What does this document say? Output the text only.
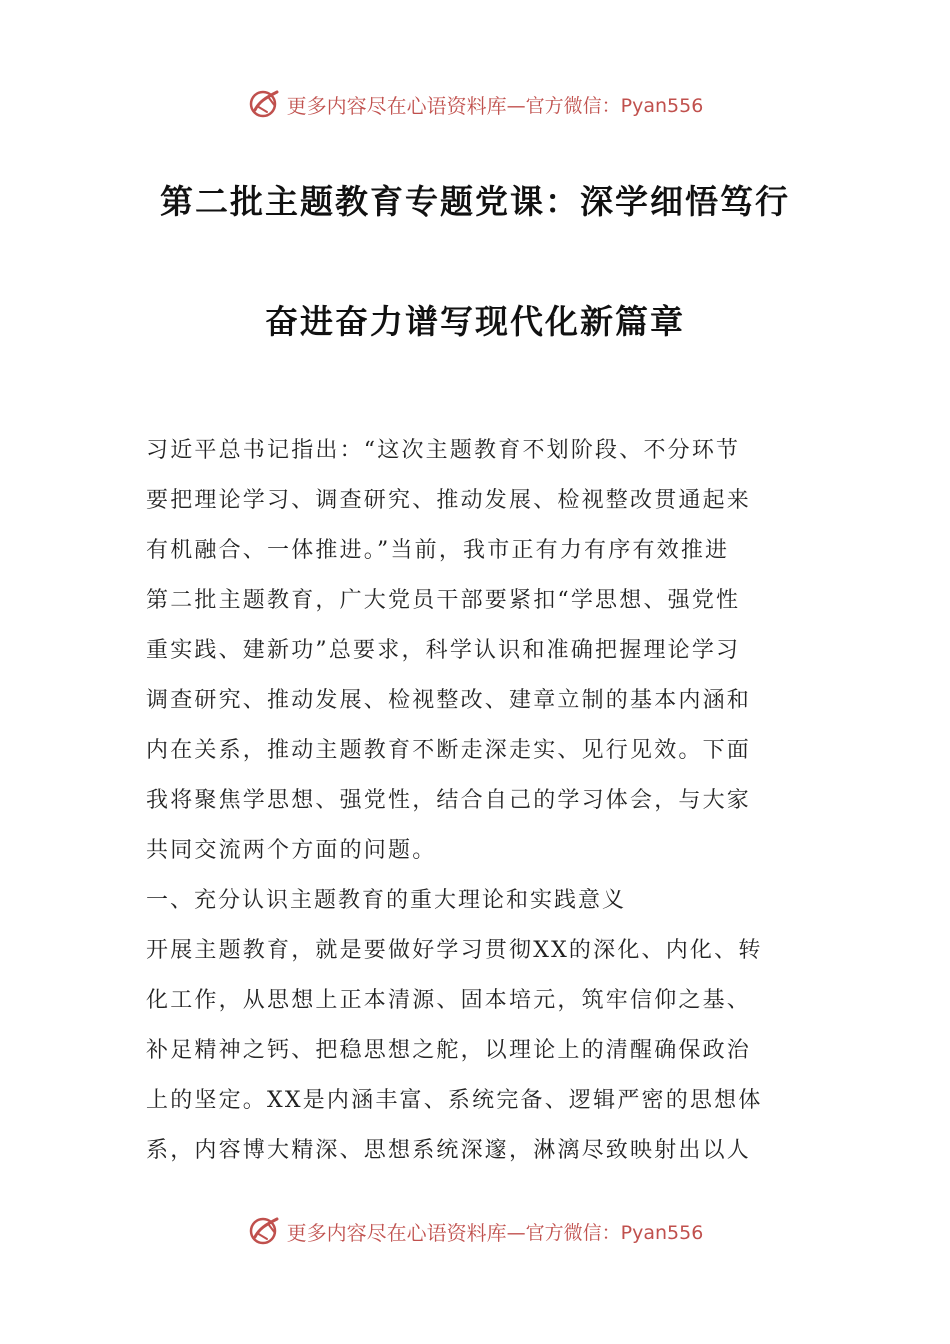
更多内容尽在心语资料库 —官方微信：Pyan556
第二批主题教育专题党课：深学细悟笃行
奋进奋力谱写现代化新篇章
习近平总书记指出：“这次主题教育不划阶段、不分环节
要把理论学习、调查研究、推动发展、检视整改贯通起来
有机融合、一体推进。”当前，我市正有力有序有效推进
第二批主题教育，广大党员干部要紧扣“学思想、强党性
重实践、建新功”总要求，科学认识和准确把握理论学习
调查研究、推动发展、检视整改、建章立制的基本内涵和
内在关系，推动主题教育不断走深走实、见行见效。下面
我将聚焦学思想、强党性，结合自己的学习体会，与大家
共同交流两个方面的问题。
一、充分认识主题教育的重大理论和实践意义
开展主题教育，就是要做好学习贯彻XX的深化、内化、转
化工作，从思想上正本清源、固本培元，筑牢信仰之基、
补足精神之钙、把稳思想之舵，以理论上的清醒确保政治
上的坚定。XX是内涵丰富、系统完备、逻辑严密的思想体
系，内容博大精深、思想系统深邃，淋漓尽致映射出以人
更多内容尽在心语资料库 —官方微信：Pyan556
